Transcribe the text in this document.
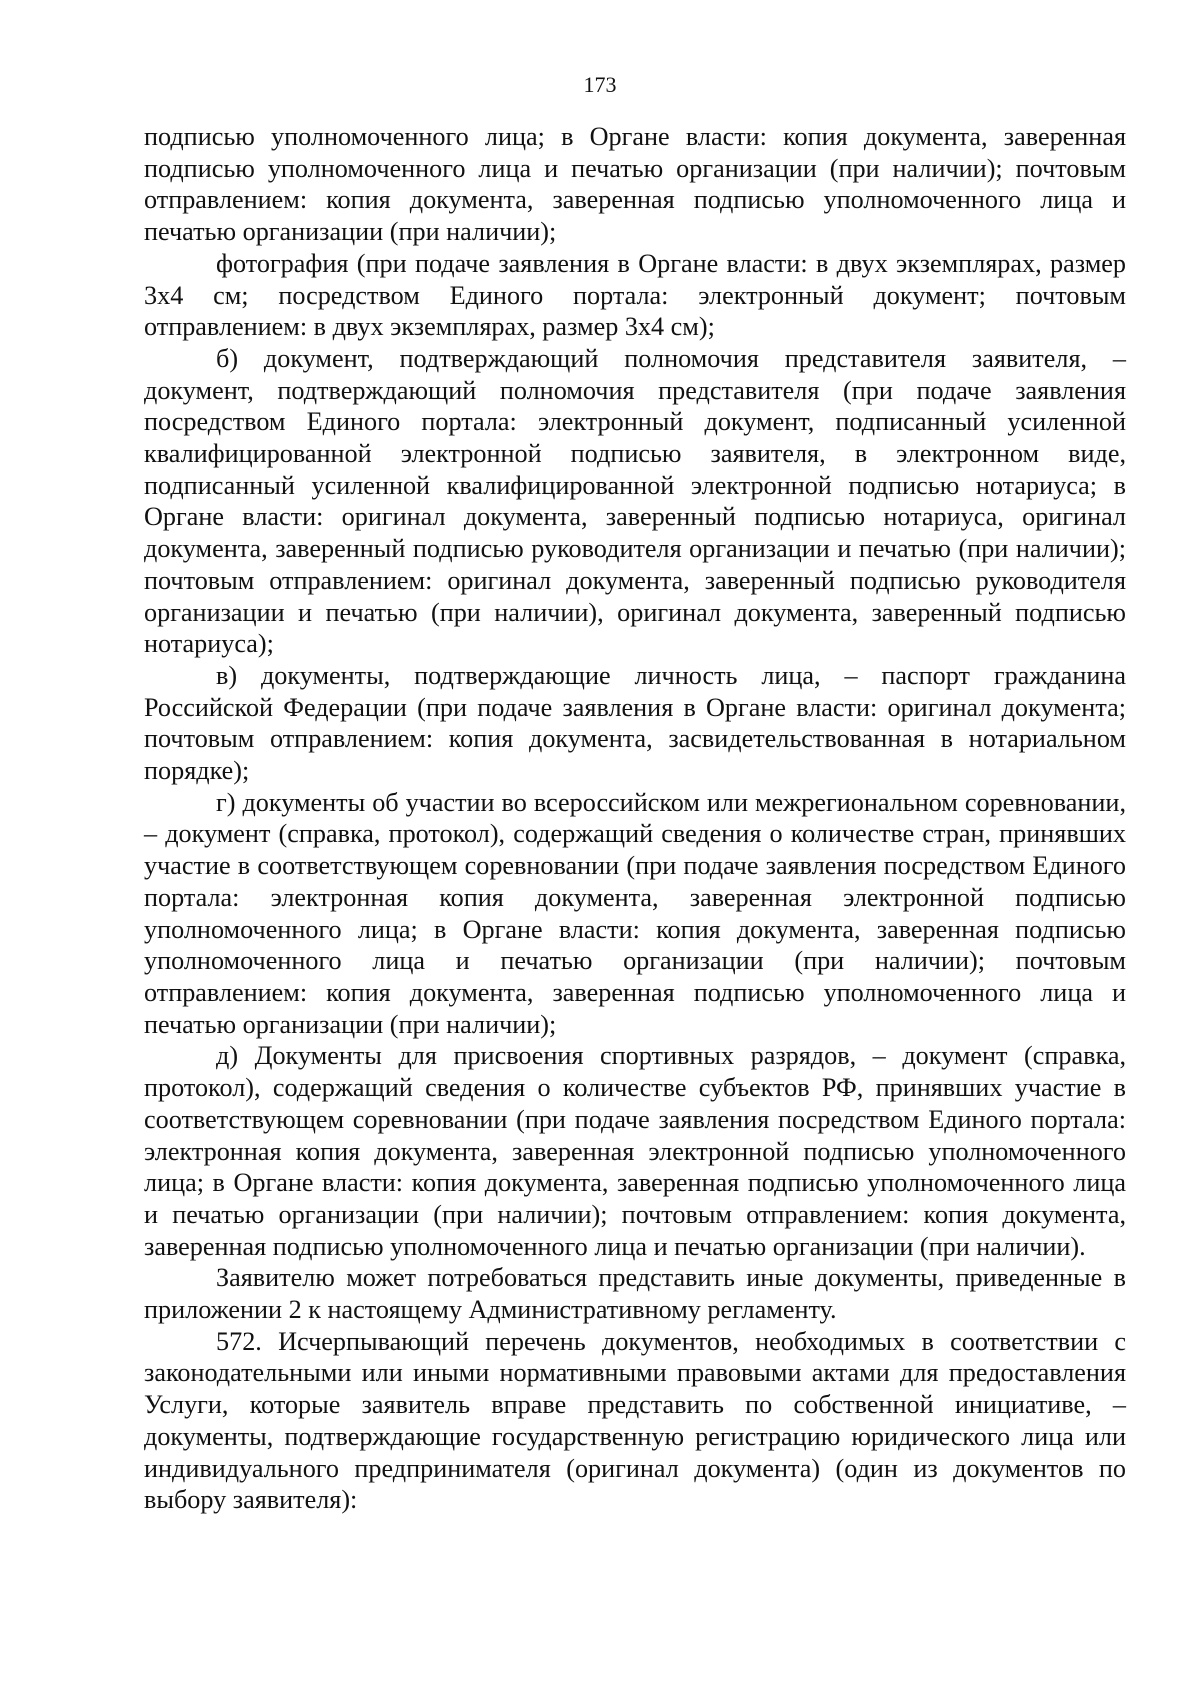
173

подписью уполномоченного лица; в Органе власти: копия документа, заверенная подписью уполномоченного лица и печатью организации (при наличии); почтовым отправлением: копия документа, заверенная подписью уполномоченного лица и печатью организации (при наличии);

фотография (при подаче заявления в Органе власти: в двух экземплярах, размер 3х4 см; посредством Единого портала: электронный документ; почтовым отправлением: в двух экземплярах, размер 3х4 см);

б) документ, подтверждающий полномочия представителя заявителя, – документ, подтверждающий полномочия представителя (при подаче заявления посредством Единого портала: электронный документ, подписанный усиленной квалифицированной электронной подписью заявителя, в электронном виде, подписанный усиленной квалифицированной электронной подписью нотариуса; в Органе власти: оригинал документа, заверенный подписью нотариуса, оригинал документа, заверенный подписью руководителя организации и печатью (при наличии); почтовым отправлением: оригинал документа, заверенный подписью руководителя организации и печатью (при наличии), оригинал документа, заверенный подписью нотариуса);

в) документы, подтверждающие личность лица, – паспорт гражданина Российской Федерации (при подаче заявления в Органе власти: оригинал документа; почтовым отправлением: копия документа, засвидетельствованная в нотариальном порядке);

г) документы об участии во всероссийском или межрегиональном соревновании, – документ (справка, протокол), содержащий сведения о количестве стран, принявших участие в соответствующем соревновании (при подаче заявления посредством Единого портала: электронная копия документа, заверенная электронной подписью уполномоченного лица; в Органе власти: копия документа, заверенная подписью уполномоченного лица и печатью организации (при наличии); почтовым отправлением: копия документа, заверенная подписью уполномоченного лица и печатью организации (при наличии);

д) Документы для присвоения спортивных разрядов, – документ (справка, протокол), содержащий сведения о количестве субъектов РФ, принявших участие в соответствующем соревновании (при подаче заявления посредством Единого портала: электронная копия документа, заверенная электронной подписью уполномоченного лица; в Органе власти: копия документа, заверенная подписью уполномоченного лица и печатью организации (при наличии); почтовым отправлением: копия документа, заверенная подписью уполномоченного лица и печатью организации (при наличии).

Заявителю может потребоваться представить иные документы, приведенные в приложении 2 к настоящему Административному регламенту.

572. Исчерпывающий перечень документов, необходимых в соответствии с законодательными или иными нормативными правовыми актами для предоставления Услуги, которые заявитель вправе представить по собственной инициативе, – документы, подтверждающие государственную регистрацию юридического лица или индивидуального предпринимателя (оригинал документа) (один из документов по выбору заявителя):
